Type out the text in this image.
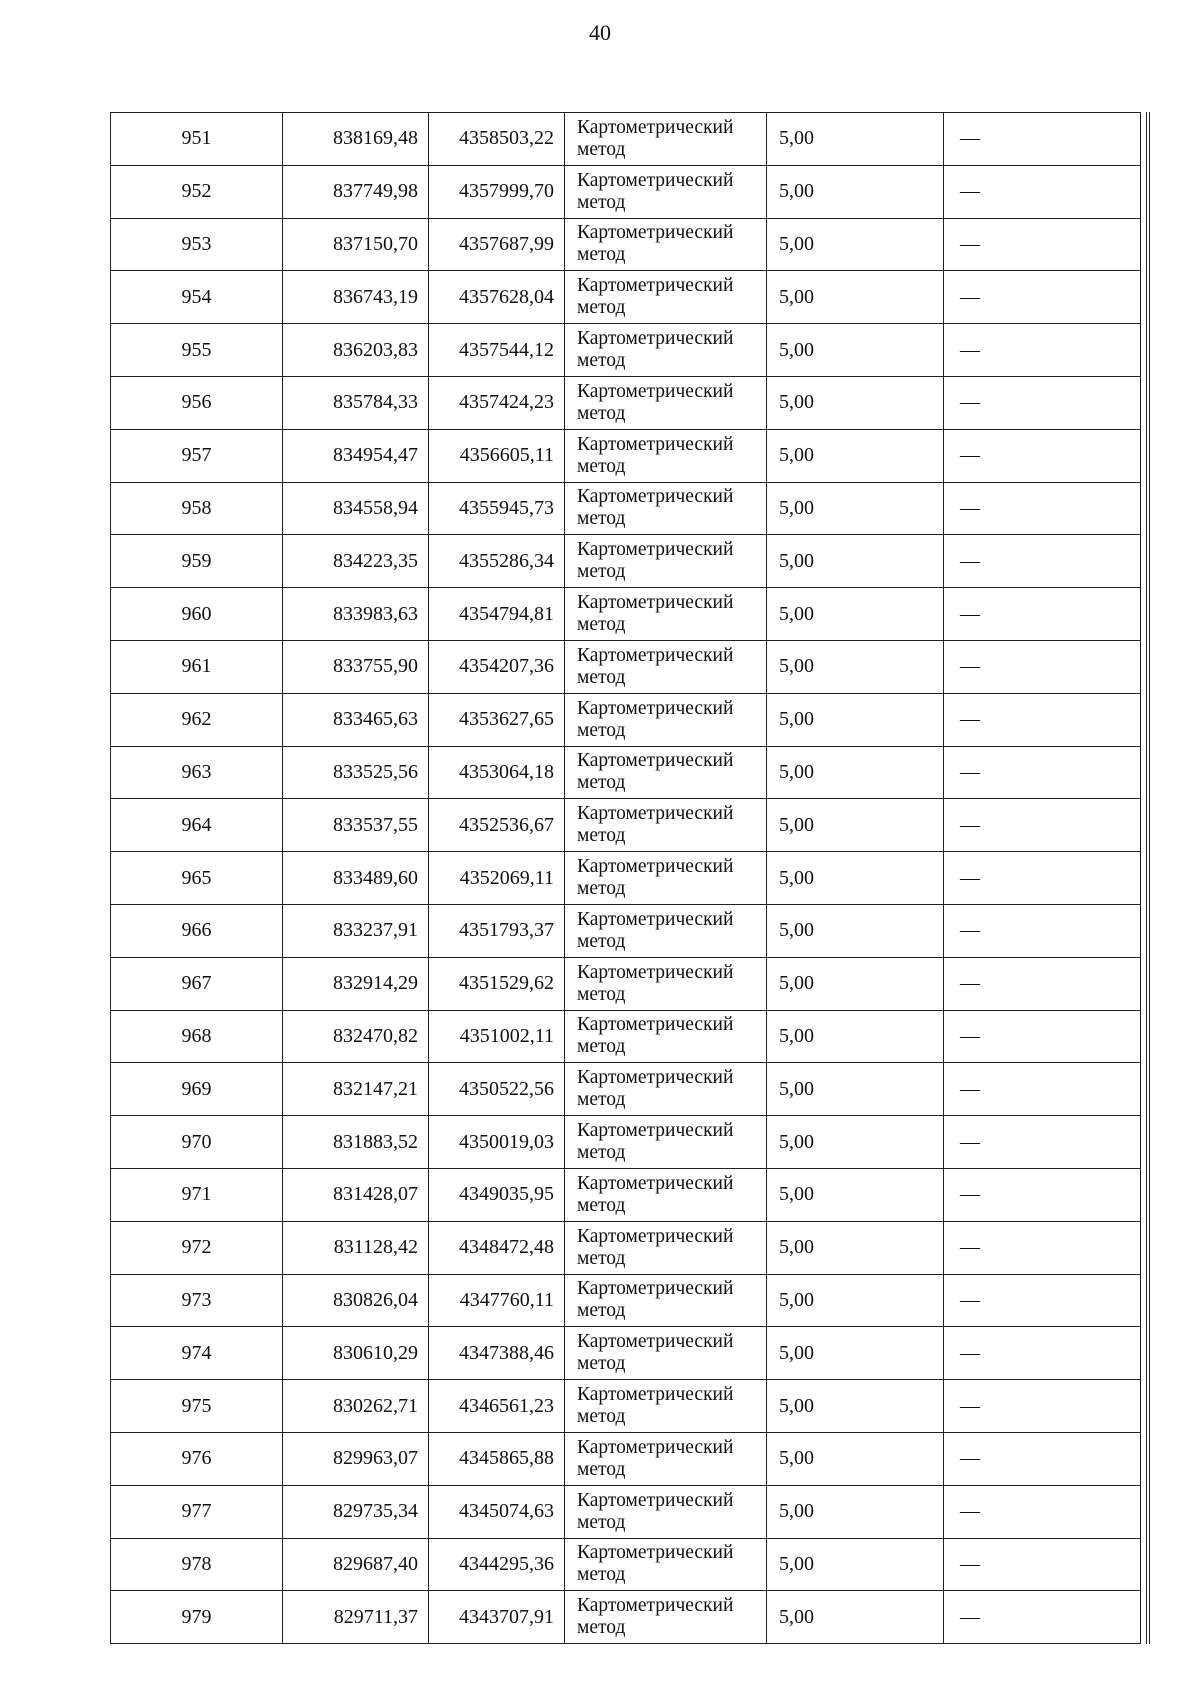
40
951	838169,48	4358503,22	Картометрический метод	5,00	—
952	837749,98	4357999,70	Картометрический метод	5,00	—
953	837150,70	4357687,99	Картометрический метод	5,00	—
954	836743,19	4357628,04	Картометрический метод	5,00	—
955	836203,83	4357544,12	Картометрический метод	5,00	—
956	835784,33	4357424,23	Картометрический метод	5,00	—
957	834954,47	4356605,11	Картометрический метод	5,00	—
958	834558,94	4355945,73	Картометрический метод	5,00	—
959	834223,35	4355286,34	Картометрический метод	5,00	—
960	833983,63	4354794,81	Картометрический метод	5,00	—
961	833755,90	4354207,36	Картометрический метод	5,00	—
962	833465,63	4353627,65	Картометрический метод	5,00	—
963	833525,56	4353064,18	Картометрический метод	5,00	—
964	833537,55	4352536,67	Картометрический метод	5,00	—
965	833489,60	4352069,11	Картометрический метод	5,00	—
966	833237,91	4351793,37	Картометрический метод	5,00	—
967	832914,29	4351529,62	Картометрический метод	5,00	—
968	832470,82	4351002,11	Картометрический метод	5,00	—
969	832147,21	4350522,56	Картометрический метод	5,00	—
970	831883,52	4350019,03	Картометрический метод	5,00	—
971	831428,07	4349035,95	Картометрический метод	5,00	—
972	831128,42	4348472,48	Картометрический метод	5,00	—
973	830826,04	4347760,11	Картометрический метод	5,00	—
974	830610,29	4347388,46	Картометрический метод	5,00	—
975	830262,71	4346561,23	Картометрический метод	5,00	—
976	829963,07	4345865,88	Картометрический метод	5,00	—
977	829735,34	4345074,63	Картометрический метод	5,00	—
978	829687,40	4344295,36	Картометрический метод	5,00	—
979	829711,37	4343707,91	Картометрический метод	5,00	—
